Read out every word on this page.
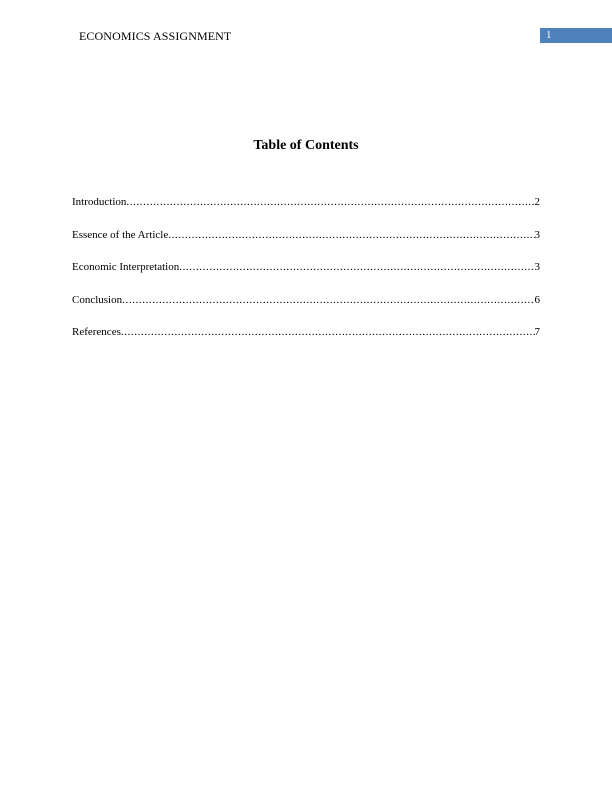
ECONOMICS ASSIGNMENT	1
Table of Contents
Introduction .....	2
Essence of the Article .....	3
Economic Interpretation .....	3
Conclusion .....	6
References .....	7
